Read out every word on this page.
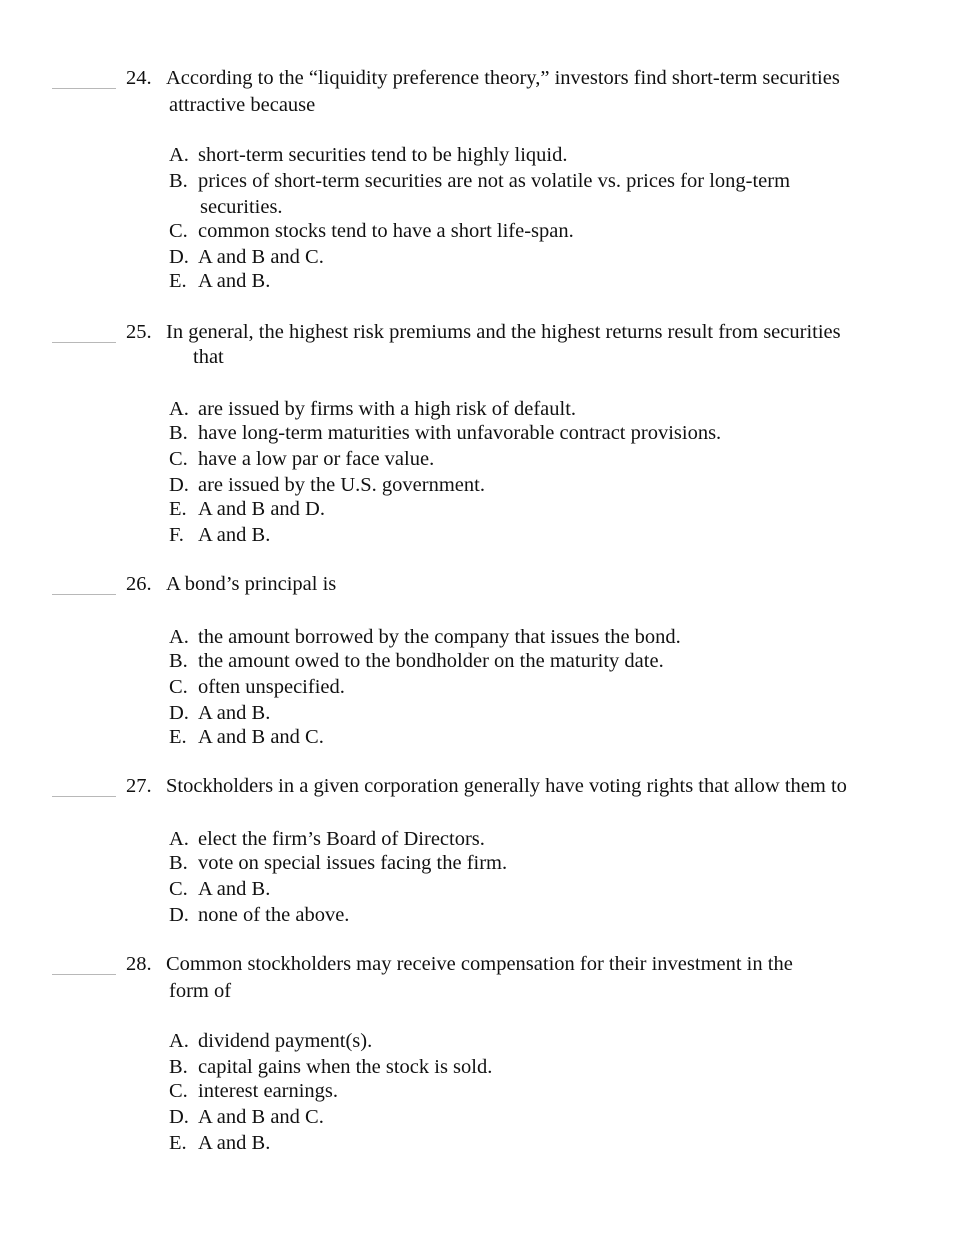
24. According to the “liquidity preference theory,” investors find short-term securities
attractive because
A. short-term securities tend to be highly liquid.
B. prices of short-term securities are not as volatile vs. prices for long-term
securities.
C. common stocks tend to have a short life-span.
D. A and B and C.
E. A and B.
25. In general, the highest risk premiums and the highest returns result from securities
that
A. are issued by firms with a high risk of default.
B. have long-term maturities with unfavorable contract provisions.
C. have a low par or face value.
D. are issued by the U.S. government.
E. A and B and D.
F. A and B.
26. A bond’s principal is
A. the amount borrowed by the company that issues the bond.
B. the amount owed to the bondholder on the maturity date.
C. often unspecified.
D. A and B.
E. A and B and C.
27. Stockholders in a given corporation generally have voting rights that allow them to
A. elect the firm’s Board of Directors.
B. vote on special issues facing the firm.
C. A and B.
D. none of the above.
28. Common stockholders may receive compensation for their investment in the
form of
A. dividend payment(s).
B. capital gains when the stock is sold.
C. interest earnings.
D. A and B and C.
E. A and B.
